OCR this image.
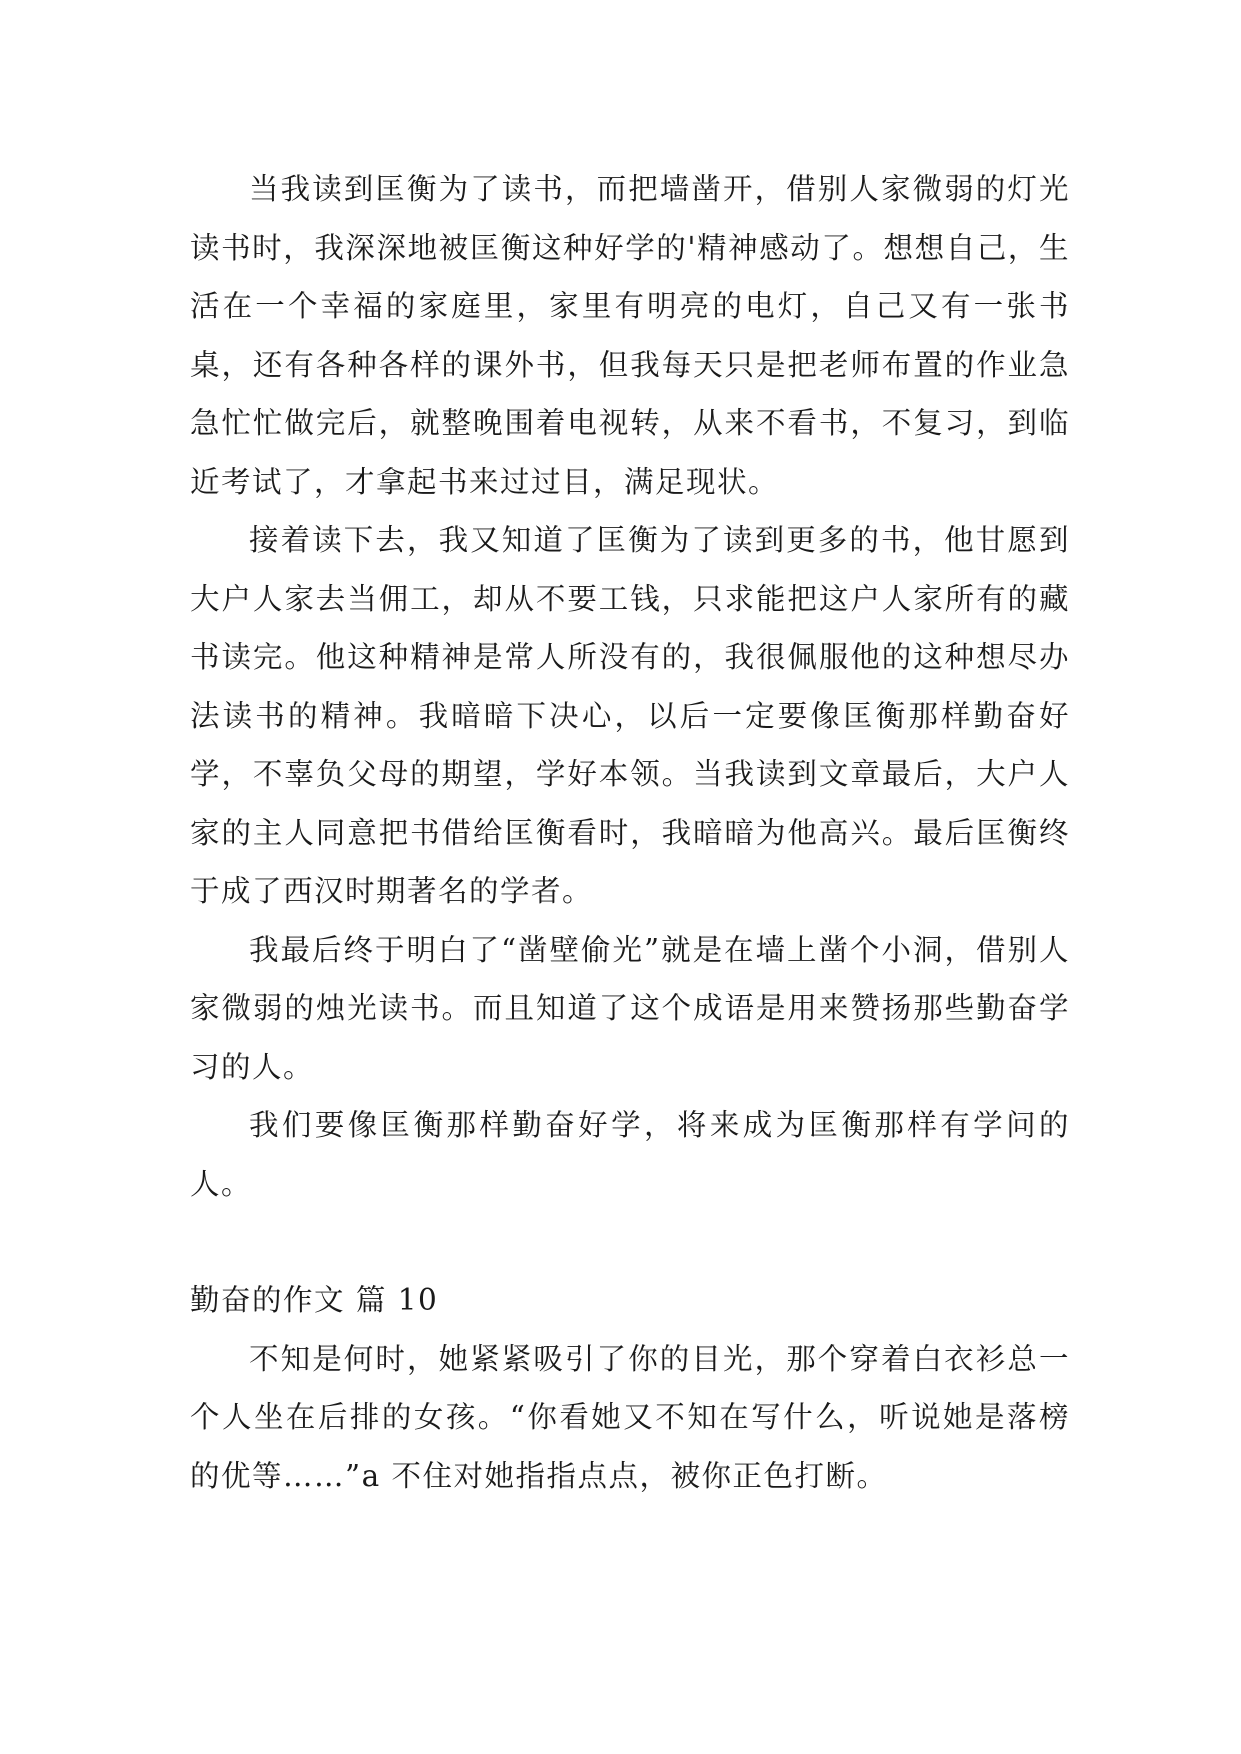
当我读到匡衡为了读书，而把墙凿开，借别人家微弱的灯光读书时，我深深地被匡衡这种好学的'精神感动了。想想自己，生活在一个幸福的家庭里，家里有明亮的电灯，自己又有一张书桌，还有各种各样的课外书，但我每天只是把老师布置的作业急急忙忙做完后，就整晚围着电视转，从来不看书，不复习，到临近考试了，才拿起书来过过目，满足现状。

接着读下去，我又知道了匡衡为了读到更多的书，他甘愿到大户人家去当佣工，却从不要工钱，只求能把这户人家所有的藏书读完。他这种精神是常人所没有的，我很佩服他的这种想尽办法读书的精神。我暗暗下决心，以后一定要像匡衡那样勤奋好学，不辜负父母的期望，学好本领。当我读到文章最后，大户人家的主人同意把书借给匡衡看时，我暗暗为他高兴。最后匡衡终于成了西汉时期著名的学者。

我最后终于明白了“凿壁偷光”就是在墙上凿个小洞，借别人家微弱的烛光读书。而且知道了这个成语是用来赞扬那些勤奋学习的人。

我们要像匡衡那样勤奋好学，将来成为匡衡那样有学问的人。

勤奋的作文 篇 10

不知是何时，她紧紧吸引了你的目光，那个穿着白衣衫总一个人坐在后排的女孩。“你看她又不知在写什么，听说她是落榜的优等……”a 不住对她指指点点，被你正色打断。
